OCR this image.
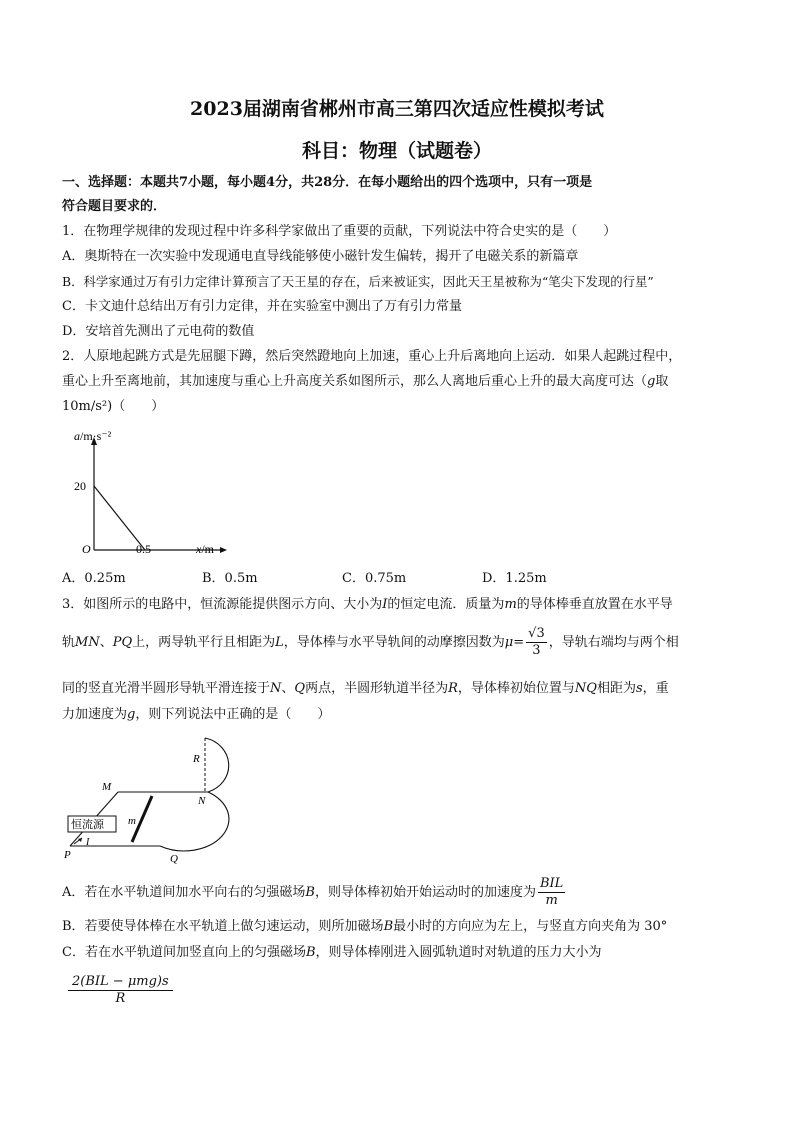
2023届湖南省郴州市高三第四次适应性模拟考试
科目：物理（试题卷）
一、选择题：本题共7小题，每小题4分，共28分．在每小题给出的四个选项中，只有一项是
符合题目要求的．
1．在物理学规律的发现过程中许多科学家做出了重要的贡献，下列说法中符合史实的是（　　）
A．奥斯特在一次实验中发现通电直导线能够使小磁针发生偏转，揭开了电磁关系的新篇章
B．科学家通过万有引力定律计算预言了天王星的存在，后来被证实，因此天王星被称为“笔尖下发现的行星”
C．卡文迪什总结出万有引力定律，并在实验室中测出了万有引力常量
D．安培首先测出了元电荷的数值
2．人原地起跳方式是先屈腿下蹲，然后突然蹬地向上加速，重心上升后离地向上运动．如果人起跳过程中，
重心上升至离地前，其加速度与重心上升高度关系如图所示，那么人离地后重心上升的最大高度可达（g取
10m/s²)（　　）
a/m·s⁻²
20
O	0.5	x/m
A．0.25m	B．0.5m	C．0.75m	D．1.25m
3．如图所示的电路中，恒流源能提供图示方向、大小为I的恒定电流．质量为m的导体棒垂直放置在水平导
轨 MN 、 PQ 上，两导轨平行且相距为 L ，导体棒与水平导轨间的动摩擦因数为 $\mu = \frac{√3}{3}$ ，导轨右端均与两个相
同的竖直光滑半圆形导轨平滑连接于N、Q两点，半圆形轨道半径为R，导体棒初始位置与NQ相距为s，重
力加速度为g，则下列说法中正确的是（　　）
恒流源
M
N
P	Q
R
I
m
A．若在水平轨道间加水平向右的匀强磁场 B ，则导体棒初始开始运动时的加速度为 $\frac{\text{BIL}}{m}$
B．若要使导体棒在水平轨道上做匀速运动，则所加磁场B最小时的方向应为左上，与竖直方向夹角为 30°
C．若在水平轨道间加竖直向上的匀强磁场B，则导体棒刚进入圆弧轨道时对轨道的压力大小为
$\frac{\text{2(BIL − μmg)s}}{R}$
